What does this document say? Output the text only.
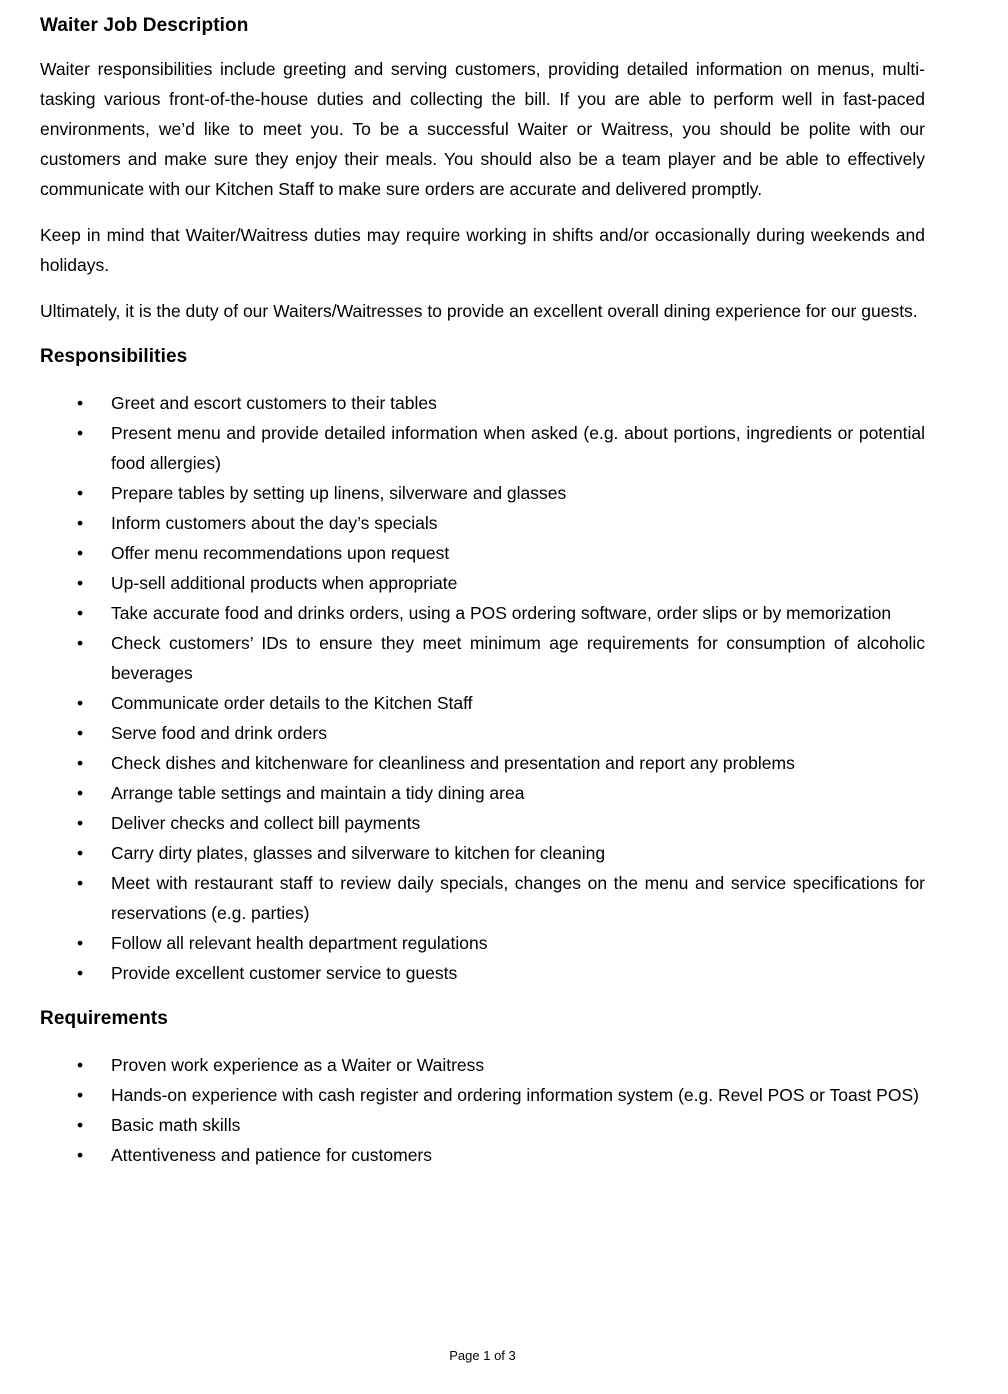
Waiter Job Description

Waiter responsibilities include greeting and serving customers, providing detailed information on menus, multi-tasking various front-of-the-house duties and collecting the bill. If you are able to perform well in fast-paced environments, we’d like to meet you. To be a successful Waiter or Waitress, you should be polite with our customers and make sure they enjoy their meals. You should also be a team player and be able to effectively communicate with our Kitchen Staff to make sure orders are accurate and delivered promptly.

Keep in mind that Waiter/Waitress duties may require working in shifts and/or occasionally during weekends and holidays.

Ultimately, it is the duty of our Waiters/Waitresses to provide an excellent overall dining experience for our guests.

Responsibilities
• Greet and escort customers to their tables
• Present menu and provide detailed information when asked (e.g. about portions, ingredients or potential food allergies)
• Prepare tables by setting up linens, silverware and glasses
• Inform customers about the day’s specials
• Offer menu recommendations upon request
• Up-sell additional products when appropriate
• Take accurate food and drinks orders, using a POS ordering software, order slips or by memorization
• Check customers’ IDs to ensure they meet minimum age requirements for consumption of alcoholic beverages
• Communicate order details to the Kitchen Staff
• Serve food and drink orders
• Check dishes and kitchenware for cleanliness and presentation and report any problems
• Arrange table settings and maintain a tidy dining area
• Deliver checks and collect bill payments
• Carry dirty plates, glasses and silverware to kitchen for cleaning
• Meet with restaurant staff to review daily specials, changes on the menu and service specifications for reservations (e.g. parties)
• Follow all relevant health department regulations
• Provide excellent customer service to guests
Requirements
• Proven work experience as a Waiter or Waitress
• Hands-on experience with cash register and ordering information system (e.g. Revel POS or Toast POS)
• Basic math skills
• Attentiveness and patience for customers
Page 1 of 3
